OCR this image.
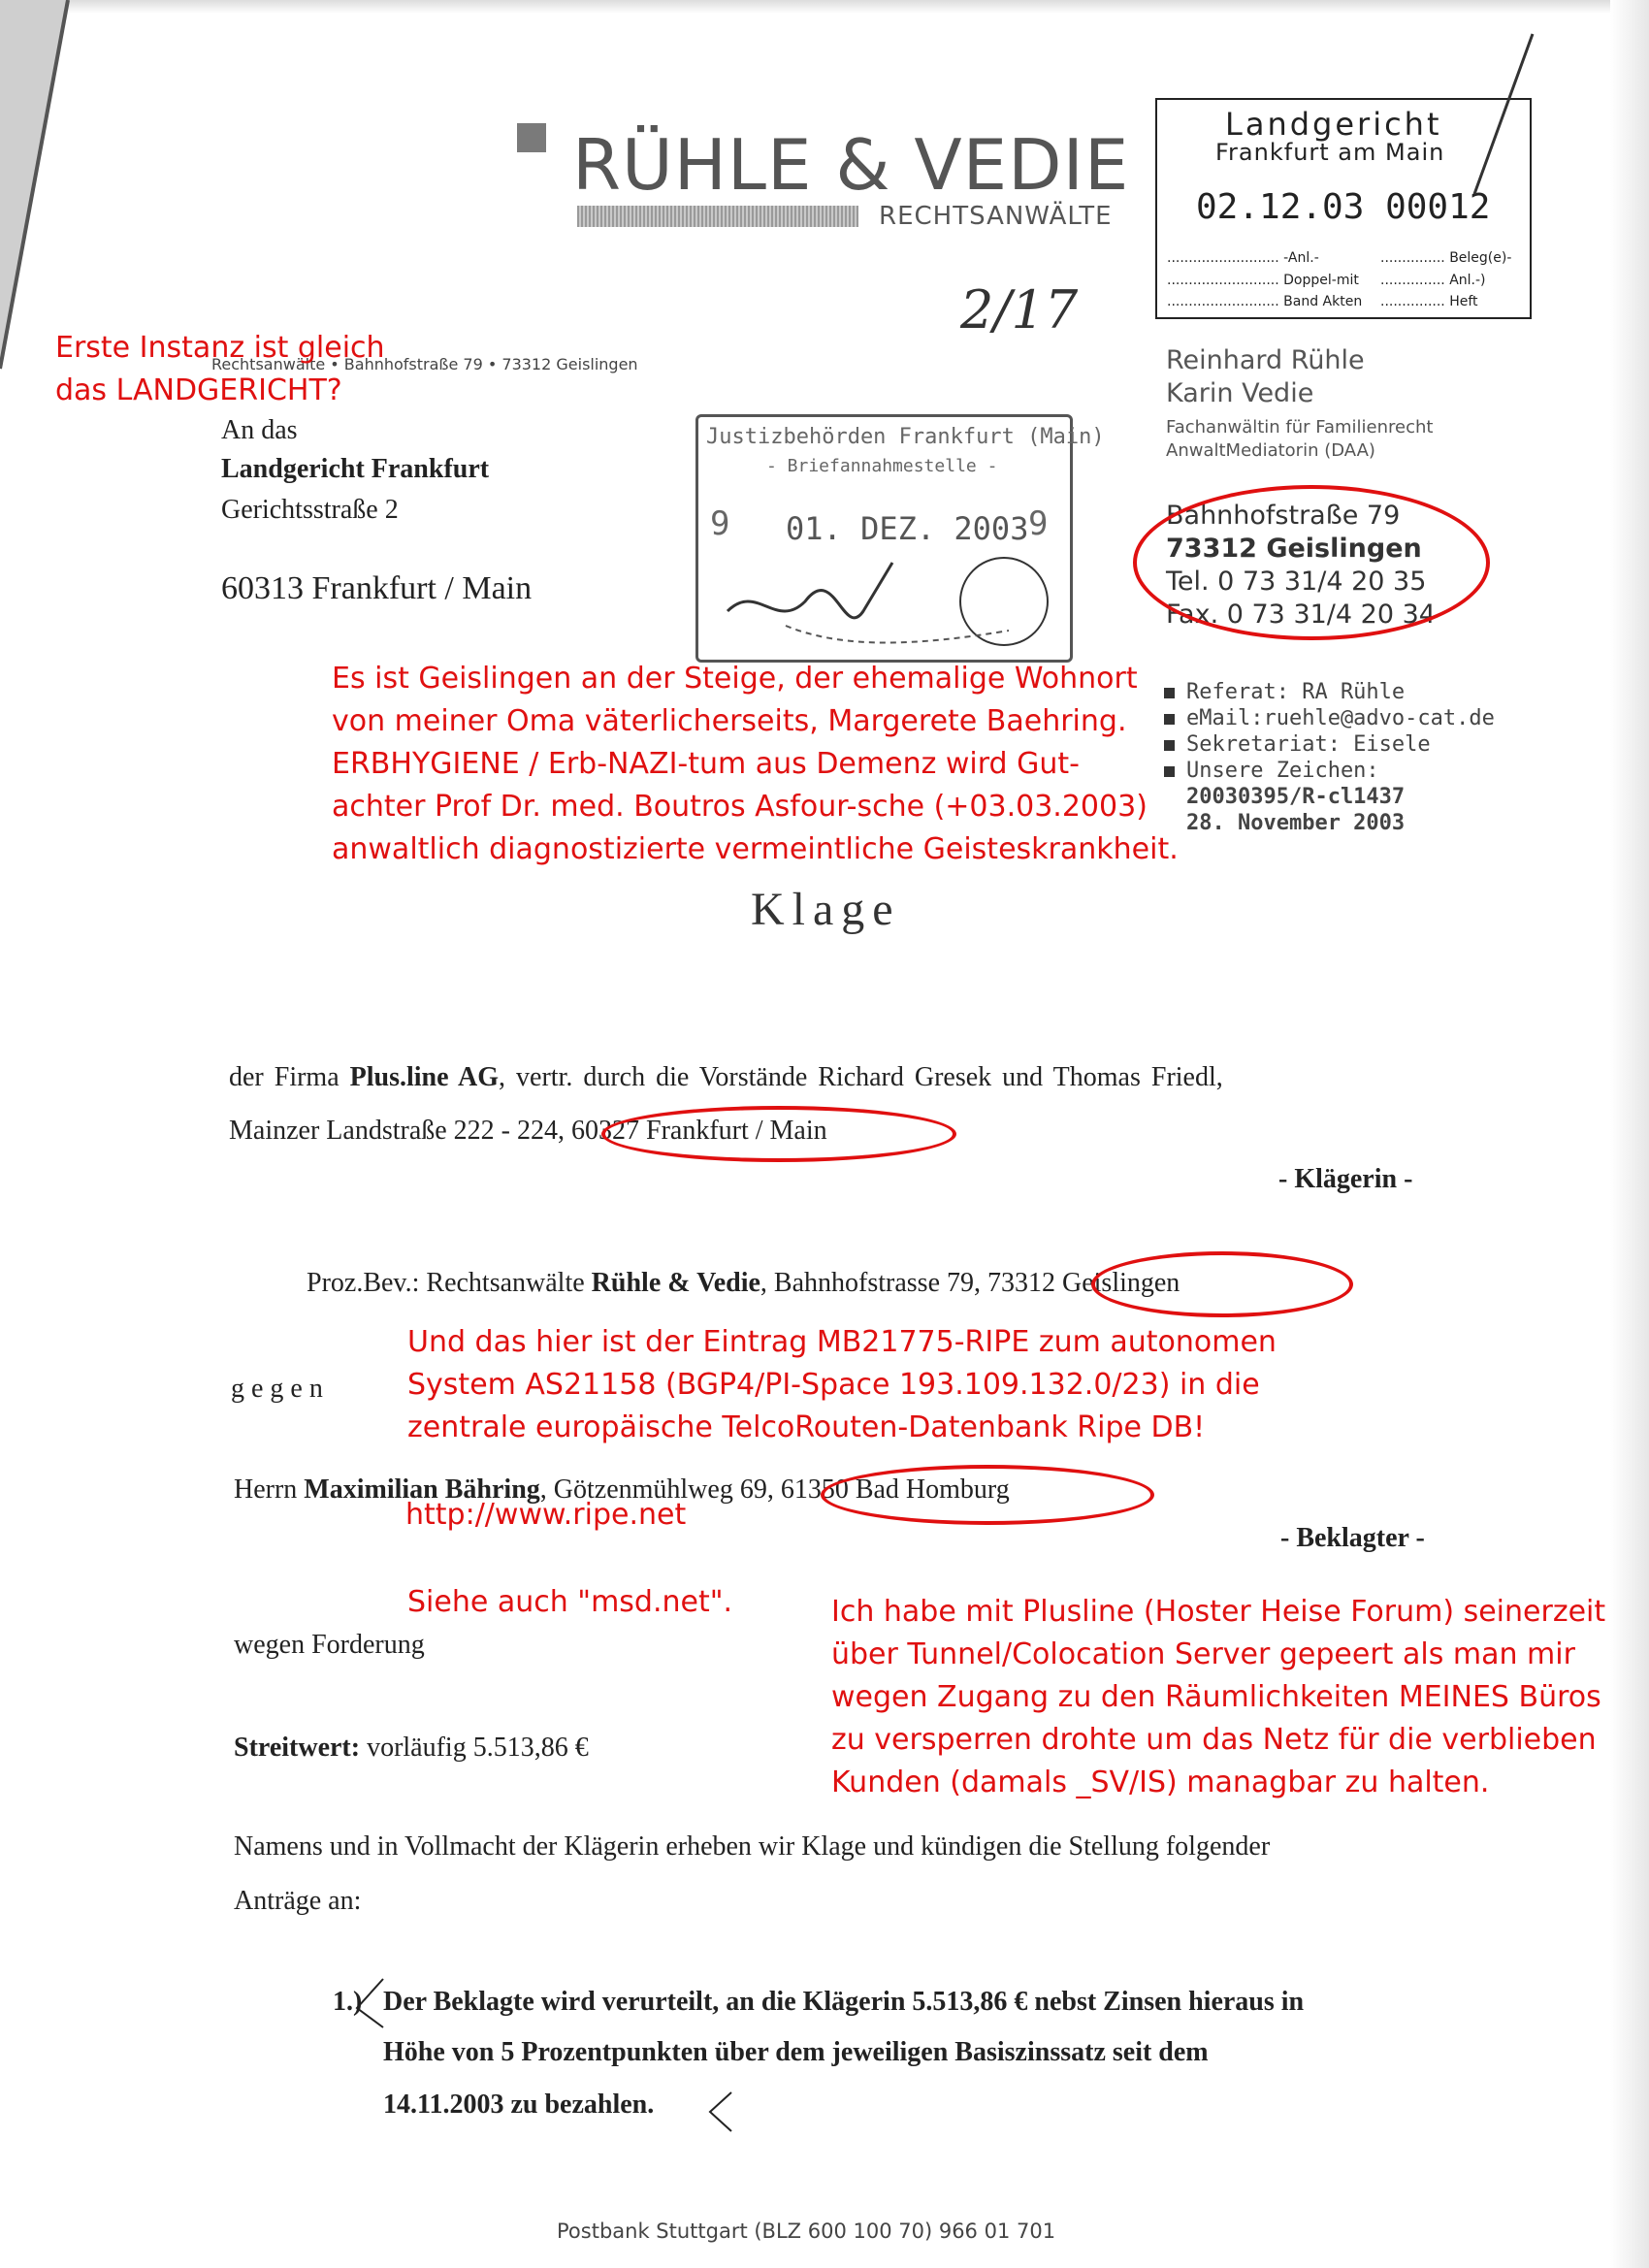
RÜHLE & VEDIE
RECHTSANWÄLTE
Landgericht
Frankfurt am Main
02.12.03 00012
.......................... -Anl.-	............... Beleg(e)-
.......................... Doppel-mit ............... Anl.-)
.......................... Band Akten ............... Heft
2/17
Rechtsanwälte • Bahnhofstraße 79 • 73312 Geislingen
An das
Landgericht Frankfurt
Gerichtsstraße 2
60313 Frankfurt / Main
Justizbehörden Frankfurt (Main)
- Briefannahmestelle -
9 01. DEZ. 2003 9
Reinhard Rühle
Karin Vedie
Fachanwältin für Familienrecht
AnwaltMediatorin (DAA)
Bahnhofstraße 79
73312 Geislingen
Tel. 0 73 31/4 20 35
Fax. 0 73 31/4 20 34
Referat: RA Rühle
eMail:ruehle@advo-cat.de
Sekretariat: Eisele
Unsere Zeichen:
20030395/R-cl1437
28. November 2003
Erste Instanz ist gleich
das LANDGERICHT?
Es ist Geislingen an der Steige, der ehemalige Wohnort
von meiner Oma väterlicherseits, Margerete Baehring.
ERBHYGIENE / Erb-NAZI-tum aus Demenz wird Gut-
achter Prof Dr. med. Boutros Asfour-sche (+03.03.2003)
anwaltlich diagnostizierte vermeintliche Geisteskrankheit.
Klage
der Firma Plus.line AG, vertr. durch die Vorstände Richard Gresek und Thomas Friedl,
Mainzer Landstraße 222 - 224, 60327 Frankfurt / Main
- Klägerin -
Proz.Bev.: Rechtsanwälte Rühle & Vedie, Bahnhofstrasse 79, 73312 Geislingen
g e g e n
Und das hier ist der Eintrag MB21775-RIPE zum autonomen
System AS21158 (BGP4/PI-Space 193.109.132.0/23) in die
zentrale europäische TelcoRouten-Datenbank Ripe DB!
Herrn Maximilian Bähring, Götzenmühlweg 69, 61350 Bad Homburg
http://www.ripe.net
- Beklagter -
Siehe auch "msd.net".
wegen Forderung
Ich habe mit Plusline (Hoster Heise Forum) seinerzeit
über Tunnel/Colocation Server gepeert als man mir
wegen Zugang zu den Räumlichkeiten MEINES Büros
zu versperren drohte um das Netz für die verblieben
Kunden (damals _SV/IS) managbar zu halten.
Streitwert: vorläufig 5.513,86 €
Namens und in Vollmacht der Klägerin erheben wir Klage und kündigen die Stellung folgender
Anträge an:
1.) Der Beklagte wird verurteilt, an die Klägerin 5.513,86 € nebst Zinsen hieraus in
Höhe von 5 Prozentpunkten über dem jeweiligen Basiszinssatz seit dem
14.11.2003 zu bezahlen.
Postbank Stuttgart (BLZ 600 100 70) 966 01 701
